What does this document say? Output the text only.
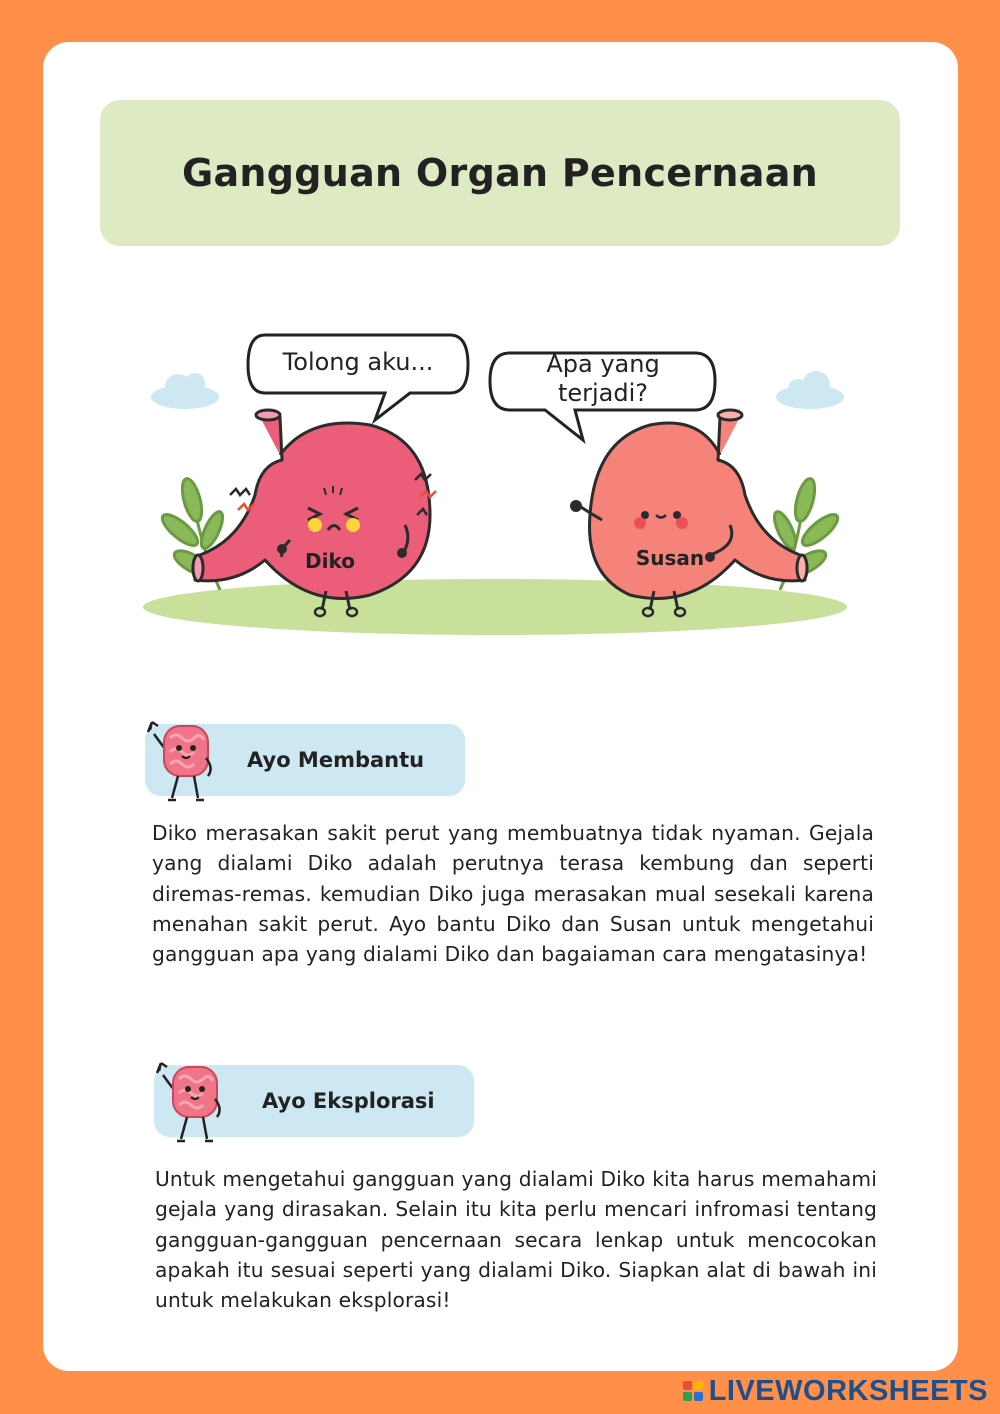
Gangguan Organ Pencernaan
Diko	Susan
Tolong aku...	Apa yang
terjadi?
Ayo Membantu

Diko merasakan sakit perut yang membuatnya tidak nyaman. Gejala yang dialami Diko adalah perutnya terasa kembung dan seperti diremas-remas. kemudian Diko juga merasakan mual sesekali karena menahan sakit perut. Ayo bantu Diko dan Susan untuk mengetahui gangguan apa yang dialami Diko dan bagaiaman cara mengatasinya!

Ayo Eksplorasi

Untuk mengetahui gangguan yang dialami Diko kita harus memahami gejala yang dirasakan. Selain itu kita perlu mencari infromasi tentang gangguan-gangguan pencernaan secara lenkap untuk mencocokan apakah itu sesuai seperti yang dialami Diko. Siapkan alat di bawah ini untuk melakukan eksplorasi!

LIVEWORKSHEETS
